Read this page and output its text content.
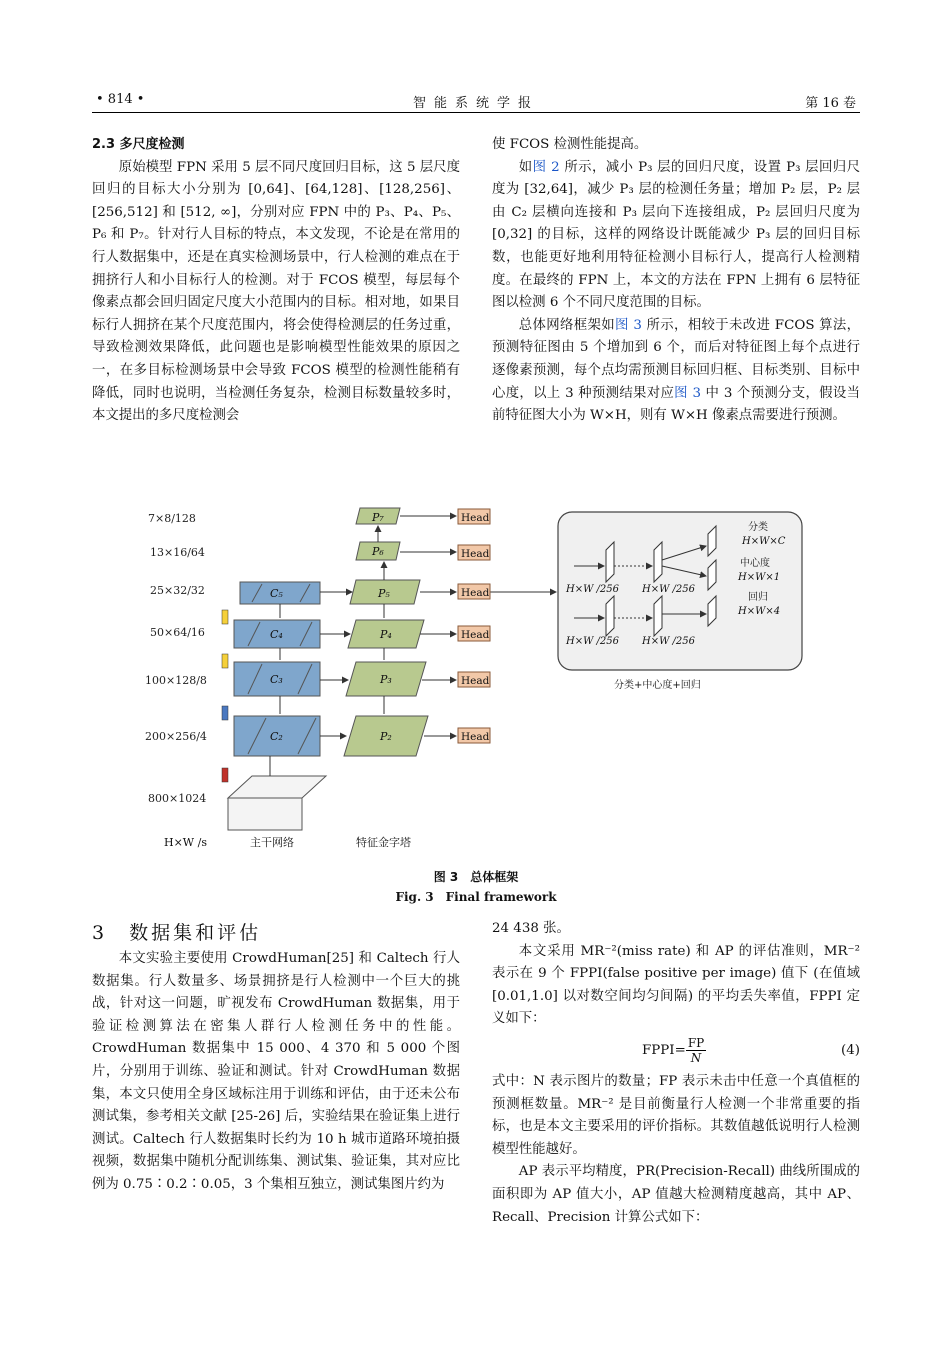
• 814 •	智能系统学报	第 16 卷

2.3 多尺度检测

原始模型 FPN 采用 5 层不同尺度回归目标，这 5 层尺度回归的目标大小分别为 [0,64]、[64,128]、[128,256]、[256,512] 和 [512, ∞]，分别对应 FPN 中的 P₃、P₄、P₅、P₆ 和 P₇。针对行人目标的特点，本文发现，不论是在常用的行人数据集中，还是在真实检测场景中，行人检测的难点在于拥挤行人和小目标行人的检测。对于 FCOS 模型，每层每个像素点都会回归固定尺度大小范围内的目标。相对地，如果目标行人拥挤在某个尺度范围内，将会使得检测层的任务过重，导致检测效果降低，此问题也是影响模型性能效果的原因之一，在多目标检测场景中会导致 FCOS 模型的检测性能稍有降低，同时也说明，当检测任务复杂，检测目标数量较多时，本文提出的多尺度检测会

使 FCOS 检测性能提高。

如图 2 所示，减小 P₃ 层的回归尺度，设置 P₃ 层回归尺度为 [32,64]，减少 P₃ 层的检测任务量；增加 P₂ 层，P₂ 层由 C₂ 层横向连接和 P₃ 层向下连接组成，P₂ 层回归尺度为 [0,32] 的目标，这样的网络设计既能减少 P₃ 层的回归目标数，也能更好地利用特征检测小目标行人，提高行人检测精度。在最终的 FPN 上，本文的方法在 FPN 上拥有 6 层特征图以检测 6 个不同尺度范围的目标。

总体网络框架如图 3 所示，相较于未改进 FCOS 算法，预测特征图由 5 个增加到 6 个，而后对特征图上每个点进行逐像素预测，每个点均需预测目标回归框、目标类别、目标中心度，以上 3 种预测结果对应图 3 中 3 个预测分支，假设当前特征图大小为 W×H，则有 W×H 像素点需要进行预测。

7×8/128
13×16/64
25×32/32
50×64/16
100×128/8
200×256/4
800×1024
C₅
C₄
C₃
C₂
P₇
P₆
P₅
P₄
P₃
P₂
Head
Head
Head
Head
Head
Head
H×W /256 H×W /256
H×W /256 H×W /256
分类
H×W×C
中心度
H×W×1
回归
H×W×4
分类+中心度+回归
H×W /s	主干网络	特征金字塔
图 3　总体框架
Fig. 3　Final framework

3　数据集和评估

本文实验主要使用 CrowdHuman[25] 和 Caltech 行人数据集。行人数量多、场景拥挤是行人检测中一个巨大的挑战，针对这一问题，旷视发布 CrowdHuman 数据集，用于验证检测算法在密集人群行人检测任务中的性能。CrowdHuman 数据集中 15 000、4 370 和 5 000 个图片，分别用于训练、验证和测试。针对 CrowdHuman 数据集，本文只使用全身区域标注用于训练和评估，由于还未公布测试集，参考相关文献 [25-26] 后，实验结果在验证集上进行测试。Caltech 行人数据集时长约为 10 h 城市道路环境拍摄视频，数据集中随机分配训练集、测试集、验证集，其对应比例为 0.75∶0.2∶0.05，3 个集相互独立，测试集图片约为

24 438 张。

本文采用 MR⁻²(miss rate) 和 AP 的评估准则，MR⁻² 表示在 9 个 FPPI(false positive per image) 值下 (在值域 [0.01,1.0] 以对数空间均匀间隔) 的平均丢失率值，FPPI 定义如下：

FPPI= $\frac{FP}{N}$	(4)

式中：N 表示图片的数量；FP 表示未击中任意一个真值框的预测框数量。MR⁻² 是目前衡量行人检测一个非常重要的指标，也是本文主要采用的评价指标。其数值越低说明行人检测模型性能越好。

AP 表示平均精度，PR(Precision-Recall) 曲线所围成的面积即为 AP 值大小，AP 值越大检测精度越高，其中 AP、Recall、Precision 计算公式如下：
